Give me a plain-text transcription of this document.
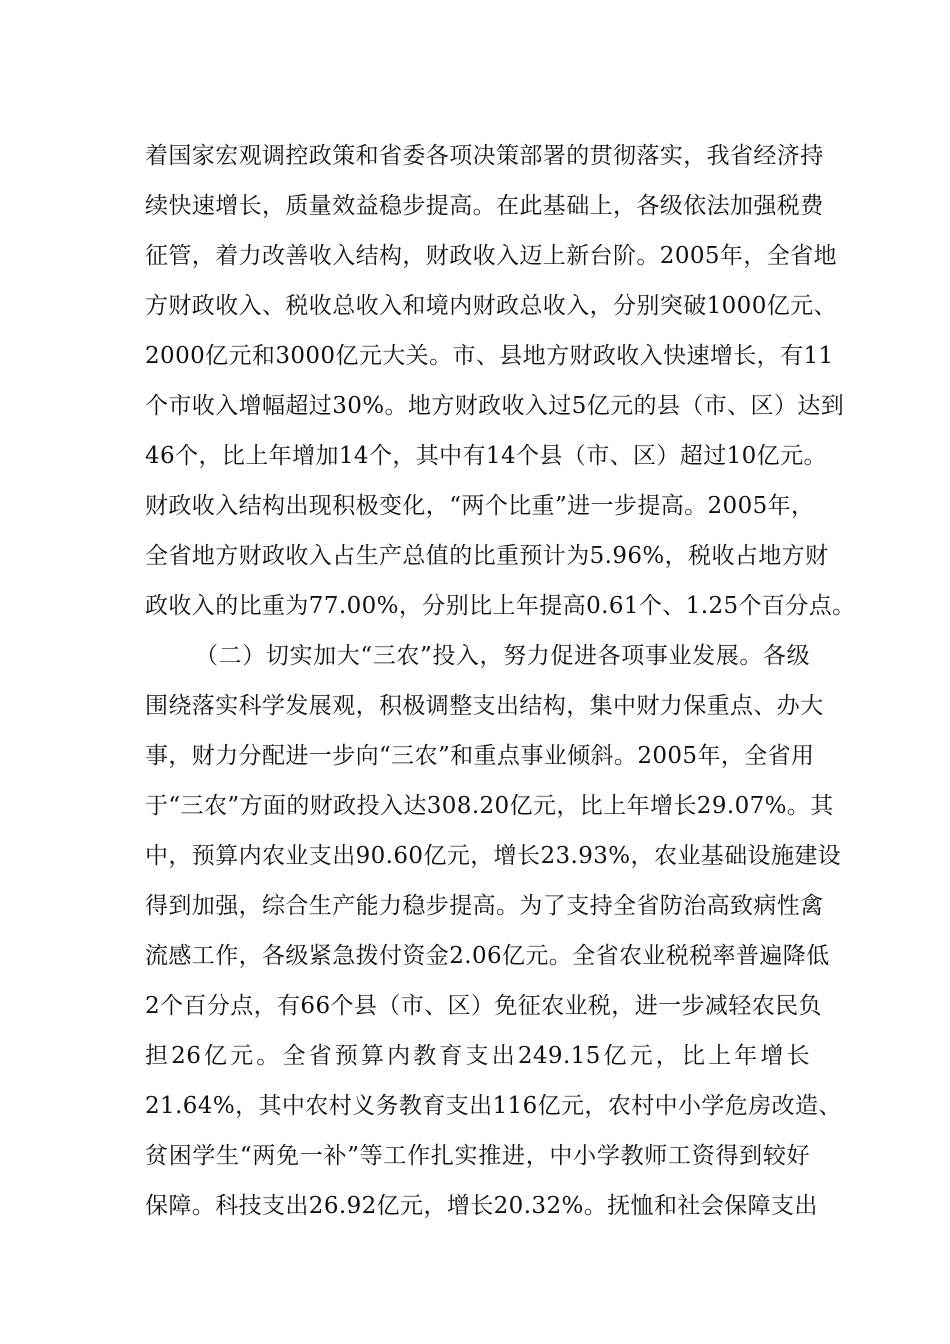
着国家宏观调控政策和省委各项决策部署的贯彻落实，我省经济持
续快速增长，质量效益稳步提高。在此基础上，各级依法加强税费
征管，着力改善收入结构，财政收入迈上新台阶。2005年，全省地
方财政收入、税收总收入和境内财政总收入，分别突破1000亿元、
2000亿元和3000亿元大关。市、县地方财政收入快速增长，有11
个市收入增幅超过30%。地方财政收入过5亿元的县（市、区）达到
46个，比上年增加14个，其中有14个县（市、区）超过10亿元。
财政收入结构出现积极变化，“两个比重”进一步提高。2005年，
全省地方财政收入占生产总值的比重预计为5.96%，税收占地方财
政收入的比重为77.00%，分别比上年提高0.61个、1.25个百分点。
（二）切实加大“三农”投入，努力促进各项事业发展。各级
围绕落实科学发展观，积极调整支出结构，集中财力保重点、办大
事，财力分配进一步向“三农”和重点事业倾斜。2005年，全省用
于“三农”方面的财政投入达308.20亿元，比上年增长29.07%。其
中，预算内农业支出90.60亿元，增长23.93%，农业基础设施建设
得到加强，综合生产能力稳步提高。为了支持全省防治高致病性禽
流感工作，各级紧急拨付资金2.06亿元。全省农业税税率普遍降低
2个百分点，有66个县（市、区）免征农业税，进一步减轻农民负
担26亿元。全省预算内教育支出249.15亿元，比上年增长
21.64%，其中农村义务教育支出116亿元，农村中小学危房改造、
贫困学生“两免一补”等工作扎实推进，中小学教师工资得到较好
保障。科技支出26.92亿元，增长20.32%。抚恤和社会保障支出
